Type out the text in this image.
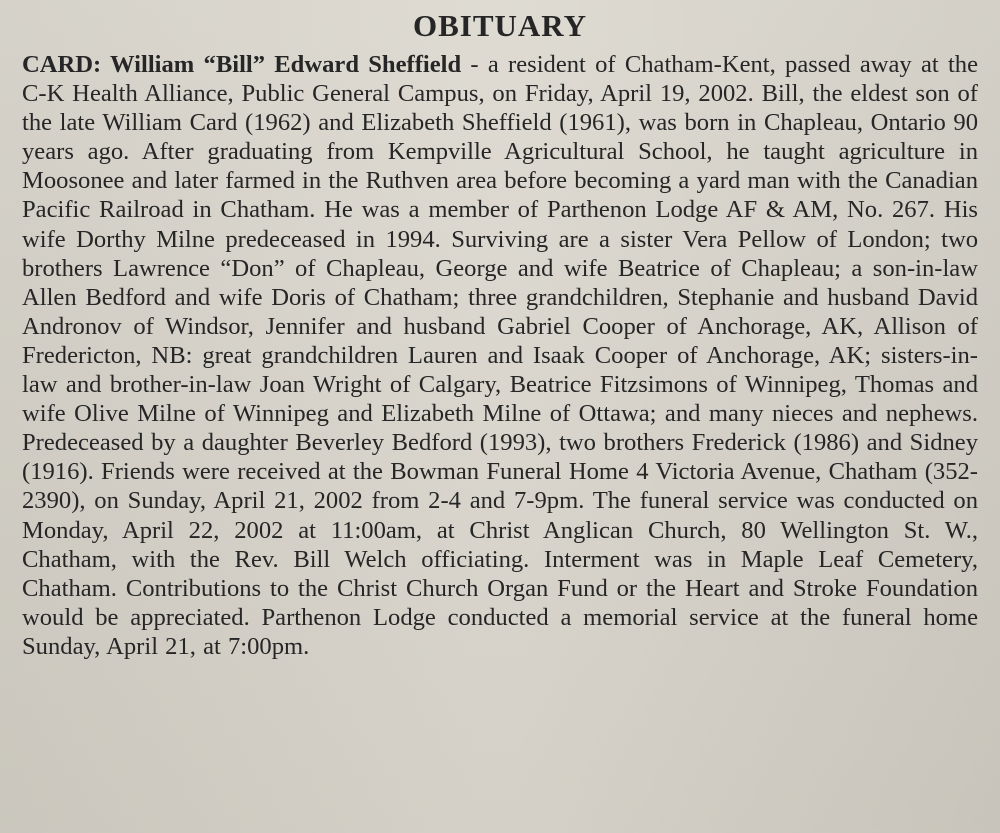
OBITUARY

CARD: William “Bill” Edward Sheffield - a resident of Chatham-Kent, passed away at the C-K Health Alliance, Public General Campus, on Friday, April 19, 2002. Bill, the eldest son of the late William Card (1962) and Elizabeth Sheffield (1961), was born in Chapleau, Ontario 90 years ago. After graduating from Kempville Agricultural School, he taught agriculture in Moosonee and later farmed in the Ruthven area before becoming a yard man with the Canadian Pacific Railroad in Chatham. He was a member of Parthenon Lodge AF & AM, No. 267. His wife Dorthy Milne predeceased in 1994. Surviving are a sister Vera Pellow of London; two brothers Lawrence “Don” of Chapleau, George and wife Beatrice of Chapleau; a son-in-law Allen Bedford and wife Doris of Chatham; three grandchildren, Stephanie and husband David Andronov of Windsor, Jennifer and husband Gabriel Cooper of Anchorage, AK, Allison of Fredericton, NB: great grandchildren Lauren and Isaak Cooper of Anchorage, AK; sisters-in-law and brother-in-law Joan Wright of Calgary, Beatrice Fitzsimons of Winnipeg, Thomas and wife Olive Milne of Winnipeg and Elizabeth Milne of Ottawa; and many nieces and nephews. Predeceased by a daughter Beverley Bedford (1993), two brothers Frederick (1986) and Sidney (1916). Friends were received at the Bowman Funeral Home 4 Victoria Avenue, Chatham (352-2390), on Sunday, April 21, 2002 from 2-4 and 7-9pm. The funeral service was conducted on Monday, April 22, 2002 at 11:00am, at Christ Anglican Church, 80 Wellington St. W., Chatham, with the Rev. Bill Welch officiating. Interment was in Maple Leaf Cemetery, Chatham. Contributions to the Christ Church Organ Fund or the Heart and Stroke Foundation would be appreciated. Parthenon Lodge conducted a memorial service at the funeral home Sunday, April 21, at 7:00pm.
